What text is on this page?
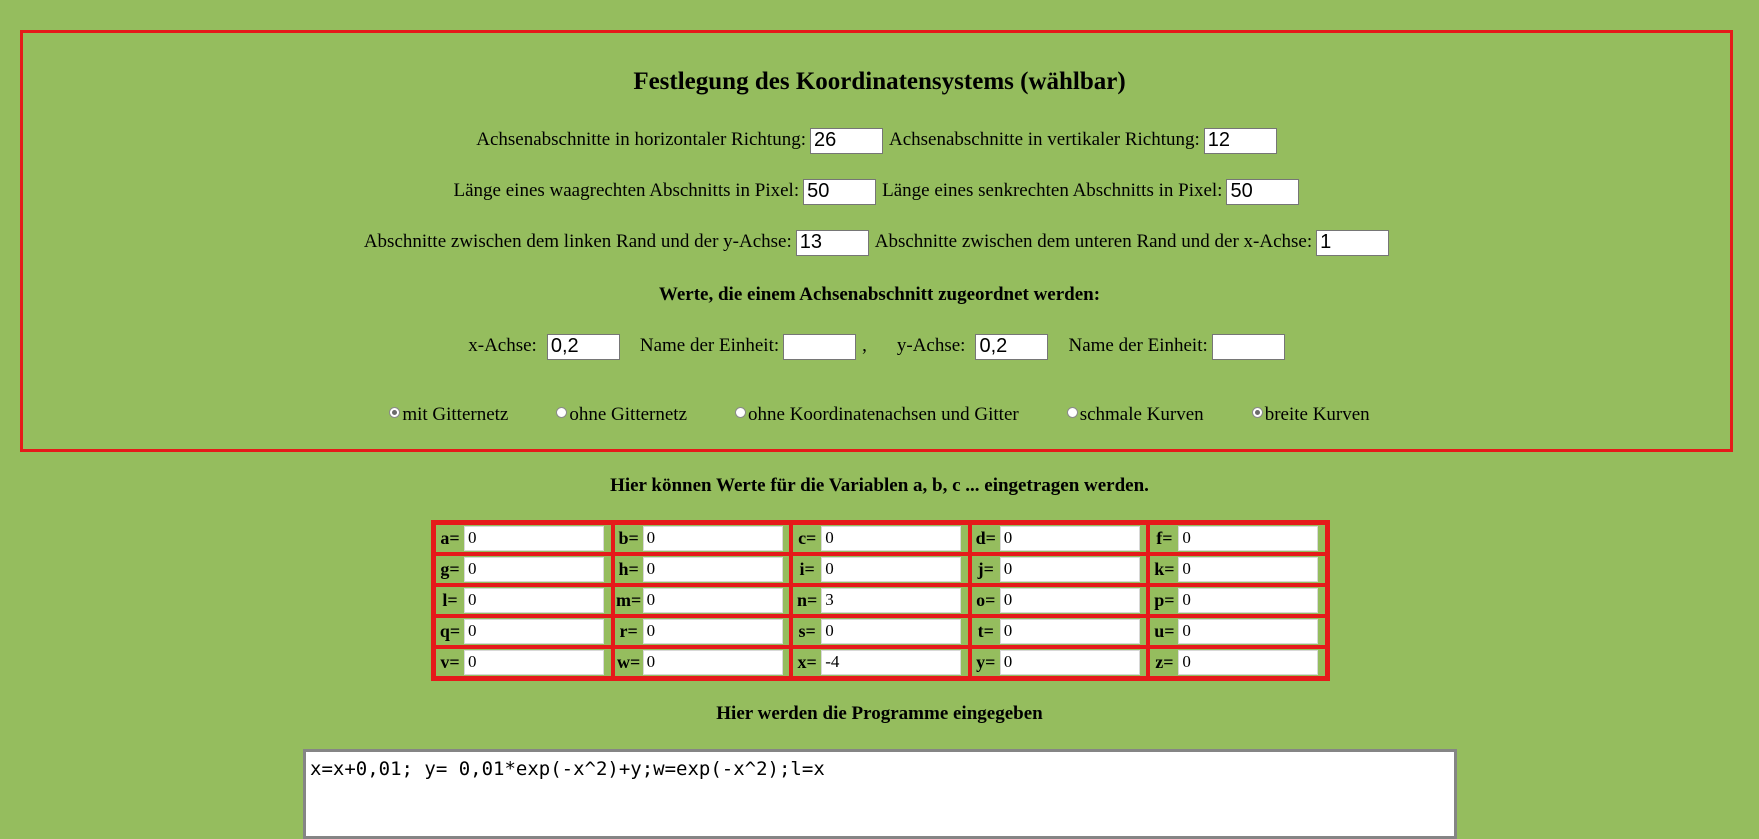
Festlegung des Koordinatensystems (wählbar)
Achsenabschnitte in horizontaler Richtung:26	Achsenabschnitte in vertikaler Richtung:12
Länge eines waagrechten Abschnitts in Pixel:50	Länge eines senkrechten Abschnitts in Pixel:50
Abschnitte zwischen dem linken Rand und der y-Achse:13	Abschnitte zwischen dem unteren Rand und der x-Achse:1
Werte, die einem Achsenabschnitt zugeordnet werden:
x-Achse:0,2	Name der Einheit:	, y-Achse:0,2	Name der Einheit:
mit Gitternetz	ohne Gitternetz	ohne Koordinatenachsen und Gitter	schmale Kurven	breite Kurven
Hier können Werte für die Variablen a, b, c ... eingetragen werden.
a= 0	b= 0	c= 0	d= 0	f= 0
g= 0	h= 0	i= 0	j= 0	k= 0
l= 0	m= 0	n= 3	o= 0	p= 0
q= 0	r= 0	s= 0	t= 0	u= 0
v= 0	w= 0	x= -4	y= 0	z= 0
Hier werden die Programme eingegeben
x=x+0,01; y= 0,01*exp(-x^2)+y;w=exp(-x^2);l=x
